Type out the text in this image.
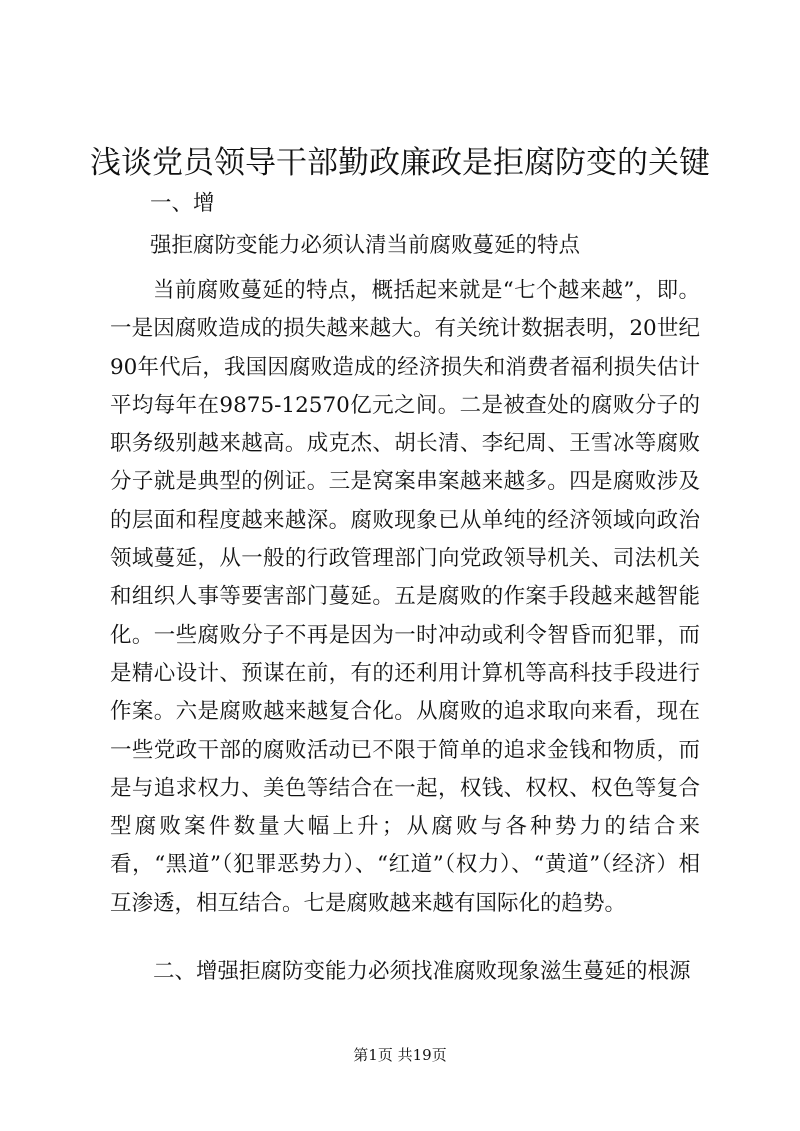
浅谈党员领导干部勤政廉政是拒腐防变的关键

一、增

强拒腐防变能力必须认清当前腐败蔓延的特点

当前腐败蔓延的特点，概括起来就是“七个越来越”，即。一是因腐败造成的损失越来越大。有关统计数据表明，20世纪90年代后，我国因腐败造成的经济损失和消费者福利损失估计平均每年在9875-12570亿元之间。二是被查处的腐败分子的职务级别越来越高。成克杰、胡长清、李纪周、王雪冰等腐败分子就是典型的例证。三是窝案串案越来越多。四是腐败涉及的层面和程度越来越深。腐败现象已从单纯的经济领域向政治领域蔓延，从一般的行政管理部门向党政领导机关、司法机关和组织人事等要害部门蔓延。五是腐败的作案手段越来越智能化。一些腐败分子不再是因为一时冲动或利令智昏而犯罪，而是精心设计、预谋在前，有的还利用计算机等高科技手段进行作案。六是腐败越来越复合化。从腐败的追求取向来看，现在一些党政干部的腐败活动已不限于简单的追求金钱和物质，而是与追求权力、美色等结合在一起，权钱、权权、权色等复合型腐败案件数量大幅上升；从腐败与各种势力的结合来看，“黑道”（犯罪恶势力）、“红道”（权力）、“黄道”（经济）相互渗透，相互结合。七是腐败越来越有国际化的趋势。

二、增强拒腐防变能力必须找准腐败现象滋生蔓延的根源

第1页 共19页
